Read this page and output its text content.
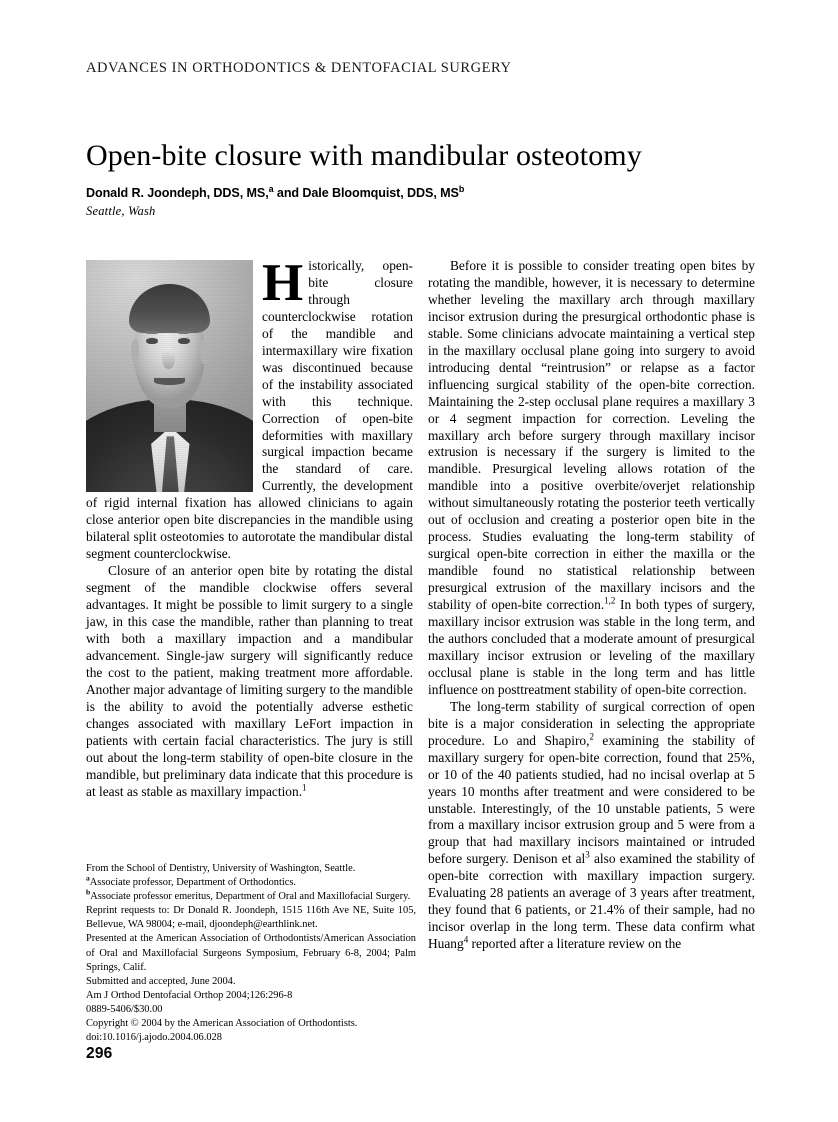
ADVANCES IN ORTHODONTICS & DENTOFACIAL SURGERY
Open-bite closure with mandibular osteotomy
Donald R. Joondeph, DDS, MS,$^a$ and Dale Bloomquist, DDS, $MS^b$
Seattle, Wash

Historically, open-bite closure through counterclockwise rotation of the mandible and intermaxillary wire fixation was discontinued because of the instability associated with this technique. Correction of open-bite deformities with maxillary surgical impaction became the standard of care. Currently, the development of rigid internal fixation has allowed clinicians to again close anterior open bite discrepancies in the mandible using bilateral split osteotomies to autorotate the mandibular distal segment counterclockwise.

Closure of an anterior open bite by rotating the distal segment of the mandible clockwise offers several advantages. It might be possible to limit surgery to a single jaw, in this case the mandible, rather than planning to treat with both a maxillary impaction and a mandibular advancement. Single-jaw surgery will significantly reduce the cost to the patient, making treatment more affordable. Another major advantage of limiting surgery to the mandible is the ability to avoid the potentially adverse esthetic changes associated with maxillary LeFort impaction in patients with certain facial characteristics. The jury is still out about the long-term stability of open-bite closure in the mandible, but preliminary data indicate that this procedure is at least as stable as maxillary impaction.$^1$

Before it is possible to consider treating open bites by rotating the mandible, however, it is necessary to determine whether leveling the maxillary arch through maxillary incisor extrusion during the presurgical orthodontic phase is stable. Some clinicians advocate maintaining a vertical step in the maxillary occlusal plane going into surgery to avoid introducing dental “reintrusion” or relapse as a factor influencing surgical stability of the open-bite correction. Maintaining the 2-step occlusal plane requires a maxillary 3 or 4 segment impaction for correction. Leveling the maxillary arch before surgery through maxillary incisor extrusion is necessary if the surgery is limited to the mandible. Presurgical leveling allows rotation of the mandible into a positive overbite/overjet relationship without simultaneously rotating the posterior teeth vertically out of occlusion and creating a posterior open bite in the process. Studies evaluating the long-term stability of surgical open-bite correction in either the maxilla or the mandible found no statistical relationship between presurgical extrusion of the maxillary incisors and the stability of open-bite correction.$^{1,2}$ In both types of surgery, maxillary incisor extrusion was stable in the long term, and the authors concluded that a moderate amount of presurgical maxillary incisor extrusion or leveling of the maxillary occlusal plane is stable in the long term and has little influence on posttreatment stability of open-bite correction.

The long-term stability of surgical correction of open bite is a major consideration in selecting the appropriate procedure. Lo and Shapiro,$^2$ examining the stability of maxillary surgery for open-bite correction, found that 25%, or 10 of the 40 patients studied, had no incisal overlap at 5 years 10 months after treatment and were considered to be unstable. Interestingly, of the 10 unstable patients, 5 were from a maxillary incisor extrusion group and 5 were from a group that had maxillary incisors maintained or intruded before surgery. Denison et $al^3$ also examined the stability of open-bite correction with maxillary impaction surgery. Evaluating 28 patients an average of 3 years after treatment, they found that 6 patients, or 21.4% of their sample, had no incisor overlap in the long term. These data confirm what Huang$^4$ reported after a literature review on the

From the School of Dentistry, University of Washington, Seattle.

$^a$Associate professor, Department of Orthodontics.

$^b$Associate professor emeritus, Department of Oral and Maxillofacial Surgery.

Reprint requests to: Dr Donald R. Joondeph, 1515 116th Ave NE, Suite 105, Bellevue, WA 98004; e-mail, djoondeph@earthlink.net.

Presented at the American Association of Orthodontists/American Association of Oral and Maxillofacial Surgeons Symposium, February 6-8, 2004; Palm Springs, Calif.

Submitted and accepted, June 2004.

Am J Orthod Dentofacial Orthop 2004;126:296-8

0889-5406/$30.00

Copyright © 2004 by the American Association of Orthodontists.

doi:10.1016/j.ajodo.2004.06.028

296
